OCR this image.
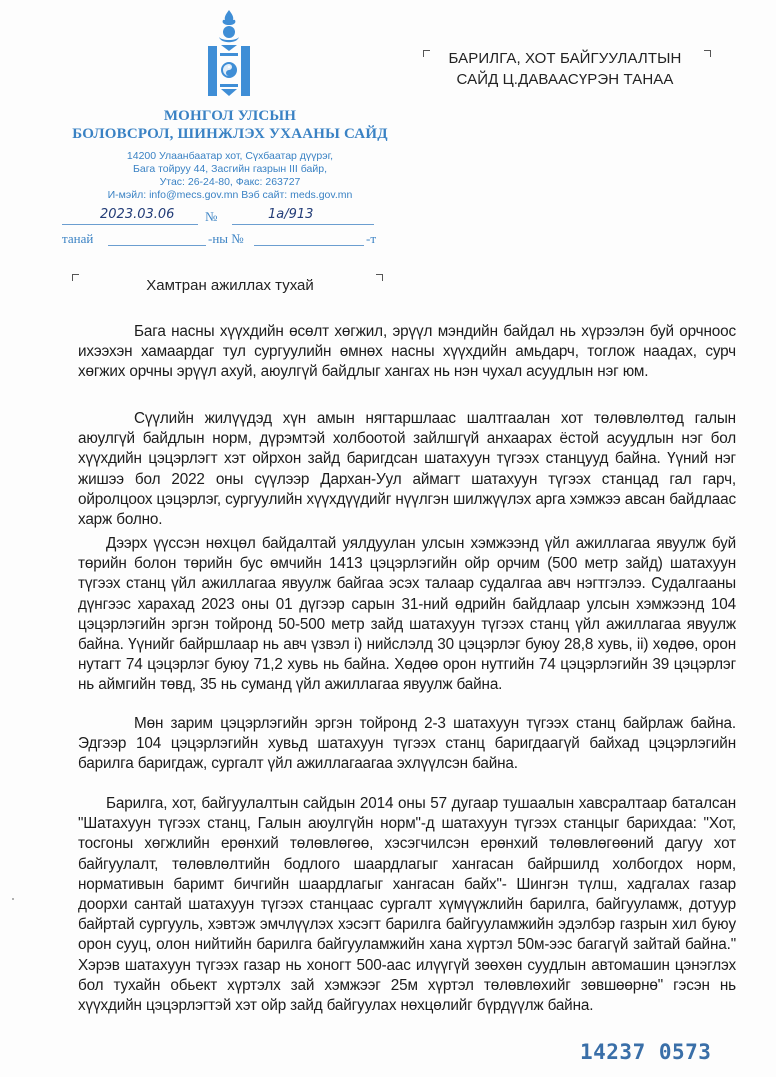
МОНГОЛ УЛСЫН
БОЛОВСРОЛ, ШИНЖЛЭХ УХААНЫ САЙД
14200 Улаанбаатар хот, Сүхбаатар дүүрэг,
Бага тойруу 44, Засгийн газрын III байр,
Утас: 26-24-80, Факс: 263727
И-мэйл: info@mecs.gov.mn Вэб сайт: meds.gov.mn
2023.03.06 №	1а/913
танай	-ны №	-т
БАРИЛГА, ХОТ БАЙГУУЛАЛТЫН
САЙД Ц.ДАВААСҮРЭН ТАНАА
Хамтран ажиллах тухай

Бага насны хүүхдийн өсөлт хөгжил, эрүүл мэндийн байдал нь хүрээлэн буй орчноос ихээхэн хамаардаг тул сургуулийн өмнөх насны хүүхдийн амьдарч, тоглож наадах, сурч хөгжих орчны эрүүл ахуй, аюулгүй байдлыг хангах нь нэн чухал асуудлын нэг юм.

Сүүлийн жилүүдэд хүн амын нягтаршлаас шалтгаалан хот төлөвлөлтөд галын аюулгүй байдлын норм, дүрэмтэй холбоотой зайлшгүй анхаарах ёстой асуудлын нэг бол хүүхдийн цэцэрлэгт хэт ойрхон зайд баригдсан шатахуун түгээх станцууд байна. Үүний нэг жишээ бол 2022 оны сүүлээр Дархан-Уул аймагт шатахуун түгээх станцад гал гарч, ойролцоох цэцэрлэг, сургуулийн хүүхдүүдийг нүүлгэн шилжүүлэх арга хэмжээ авсан байдлаас харж болно.

Дээрх үүссэн нөхцөл байдалтай уялдуулан улсын хэмжээнд үйл ажиллагаа явуулж буй төрийн болон төрийн бус өмчийн 1413 цэцэрлэгийн ойр орчим (500 метр зайд) шатахуун түгээх станц үйл ажиллагаа явуулж байгаа эсэх талаар судалгаа авч нэгтгэлээ. Судалгааны дүнгээс харахад 2023 оны 01 дүгээр сарын 31-ний өдрийн байдлаар улсын хэмжээнд 104 цэцэрлэгийн эргэн тойронд 50-500 метр зайд шатахуун түгээх станц үйл ажиллагаа явуулж байна. Үүнийг байршлаар нь авч үзвэл i) нийслэлд 30 цэцэрлэг буюу 28,8 хувь, ii) хөдөө, орон нутагт 74 цэцэрлэг буюу 71,2 хувь нь байна. Хөдөө орон нутгийн 74 цэцэрлэгийн 39 цэцэрлэг нь аймгийн төвд, 35 нь суманд үйл ажиллагаа явуулж байна.

Мөн зарим цэцэрлэгийн эргэн тойронд 2-3 шатахуун түгээх станц байрлаж байна. Эдгээр 104 цэцэрлэгийн хувьд шатахуун түгээх станц баригдаагүй байхад цэцэрлэгийн барилга баригдаж, сургалт үйл ажиллагаагаа эхлүүлсэн байна.

Барилга, хот, байгуулалтын сайдын 2014 оны 57 дугаар тушаалын хавсралтаар баталсан "Шатахуун түгээх станц, Галын аюулгүйн норм"-д шатахуун түгээх станцыг барихдаа: "Хот, тосгоны хөгжлийн ерөнхий төлөвлөгөө, хэсэгчилсэн ерөнхий төлөвлөгөөний дагуу хот байгуулалт, төлөвлөлтийн бодлого шаардлагыг хангасан байршилд холбогдох норм, нормативын баримт бичгийн шаардлагыг хангасан байх"- Шингэн түлш, хадгалах газар доорхи сантай шатахуун түгээх станцаас сургалт хүмүүжлийн барилга, байгууламж, дотуур байртай сургууль, хэвтэж эмчлүүлэх хэсэгт барилга байгууламжийн эдэлбэр газрын хил буюу орон сууц, олон нийтийн барилга байгууламжийн хана хүртэл 50м-ээс багагүй зайтай байна." Хэрэв шатахуун түгээх газар нь хоногт 500-аас илүүгүй зөөхөн суудлын автомашин цэнэглэх бол тухайн обьект хүртэлх зай хэмжээг 25м хүртэл төлөвлөхийг зөвшөөрнө" гэсэн нь хүүхдийн цэцэрлэгтэй хэт ойр зайд байгуулах нөхцөлийг бүрдүүлж байна.

14237 0573
